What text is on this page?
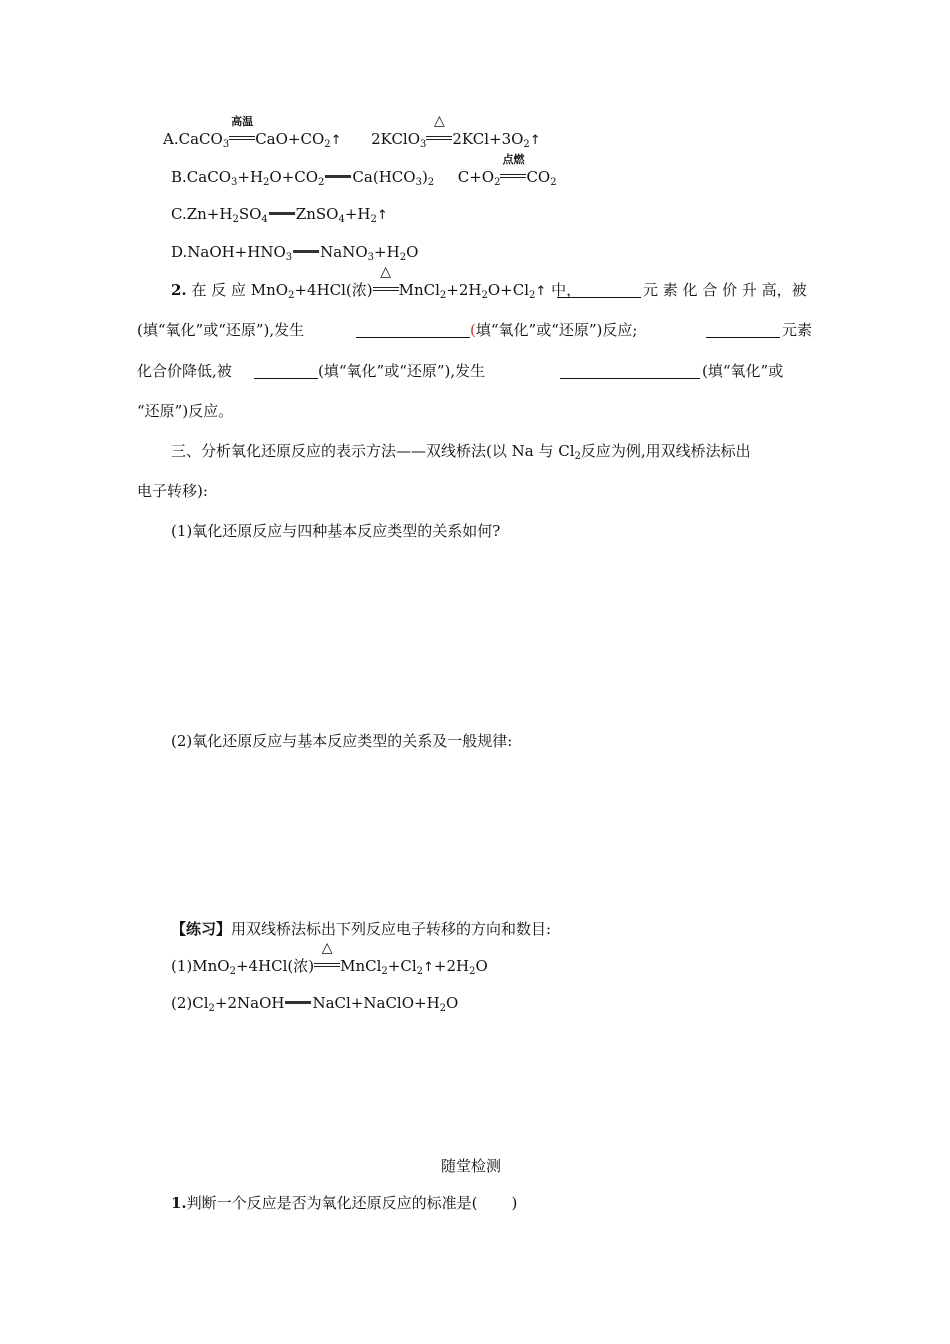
A.CaCO$_3$
高温
$CaO+CO_2↑$ 2KClO$_3$
△
$2KCl+3O_2↑$
$B.CaCO_3+H_2O+CO_2$ $Ca(HCO_3)_2$ $C+O_2$
点燃
$CO_2$
$C.Zn+H_2SO_4$ $ZnSO_4+H_2↑$
$D.NaOH+HNO_3$ $NaNO_3+H_2O$
2. 在 反 应 MnO$_2$+4HCl(浓)
△
$MnCl_2+2H_2O+Cl_2↑$ 中，	元 素 化 合 价 升 高，被
(填“氧化”或“还原”),发生	(填“氧化”或“还原”)反应;	元素
化合价降低,被	(填“氧化”或“还原”),发生	(填“氧化”或
“还原”)反应。
三、分析氧化还原反应的表示方法——双线桥法(以 Na 与 $Cl_2$反应为例,用双线桥法标出
电子转移):
(1)氧化还原反应与四种基本反应类型的关系如何?
(2)氧化还原反应与基本反应类型的关系及一般规律:
【练习】用双线桥法标出下列反应电子转移的方向和数目:
(1)MnO$_2$+4HCl(浓)
△
$MnCl_2+Cl_2↑+2H_2O$
$(2)Cl_2+2NaOH$ $NaCl+NaClO+H_2O$
随堂检测
1.判断一个反应是否为氧化还原反应的标准是( )
